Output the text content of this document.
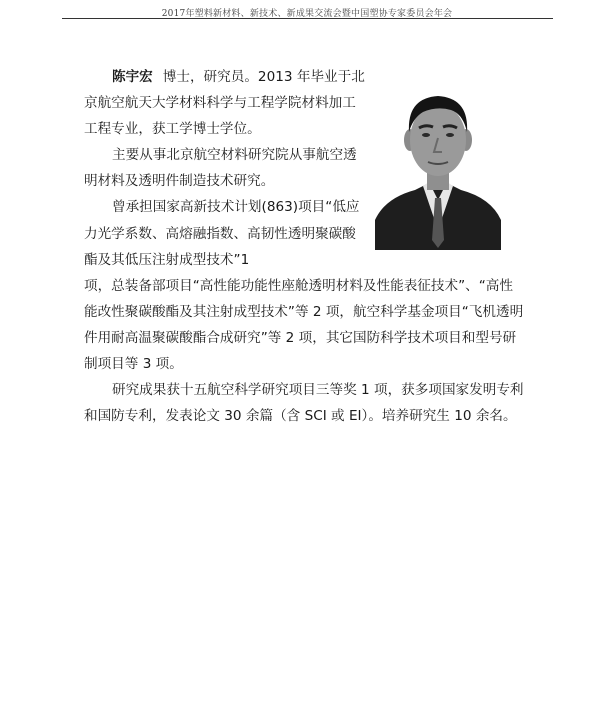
2017年塑料新材料、新技术、新成果交流会暨中国塑协专家委员会年会

陈宇宏 博士，研究员。2013 年毕业于北京航空航天大学材料科学与工程学院材料加工工程专业，获工学博士学位。

主要从事北京航空材料研究院从事航空透明材料及透明件制造技术研究。

曾承担国家高新技术计划(863)项目“低应力光学系数、高熔融指数、高韧性透明聚碳酸酯及其低压注射成型技术”1
项，总装备部项目“高性能功能性座舱透明材料及性能表征技术”、“高性能改性聚碳酸酯及其注射成型技术”等 2 项，航空科学基金项目“飞机透明件用耐高温聚碳酸酯合成研究”等 2 项，其它国防科学技术项目和型号研制项目等 3 项。

研究成果获十五航空科学研究项目三等奖 1 项，获多项国家发明专利和国防专利，发表论文 30 余篇（含 SCI 或 EI）。培养研究生 10 余名。
